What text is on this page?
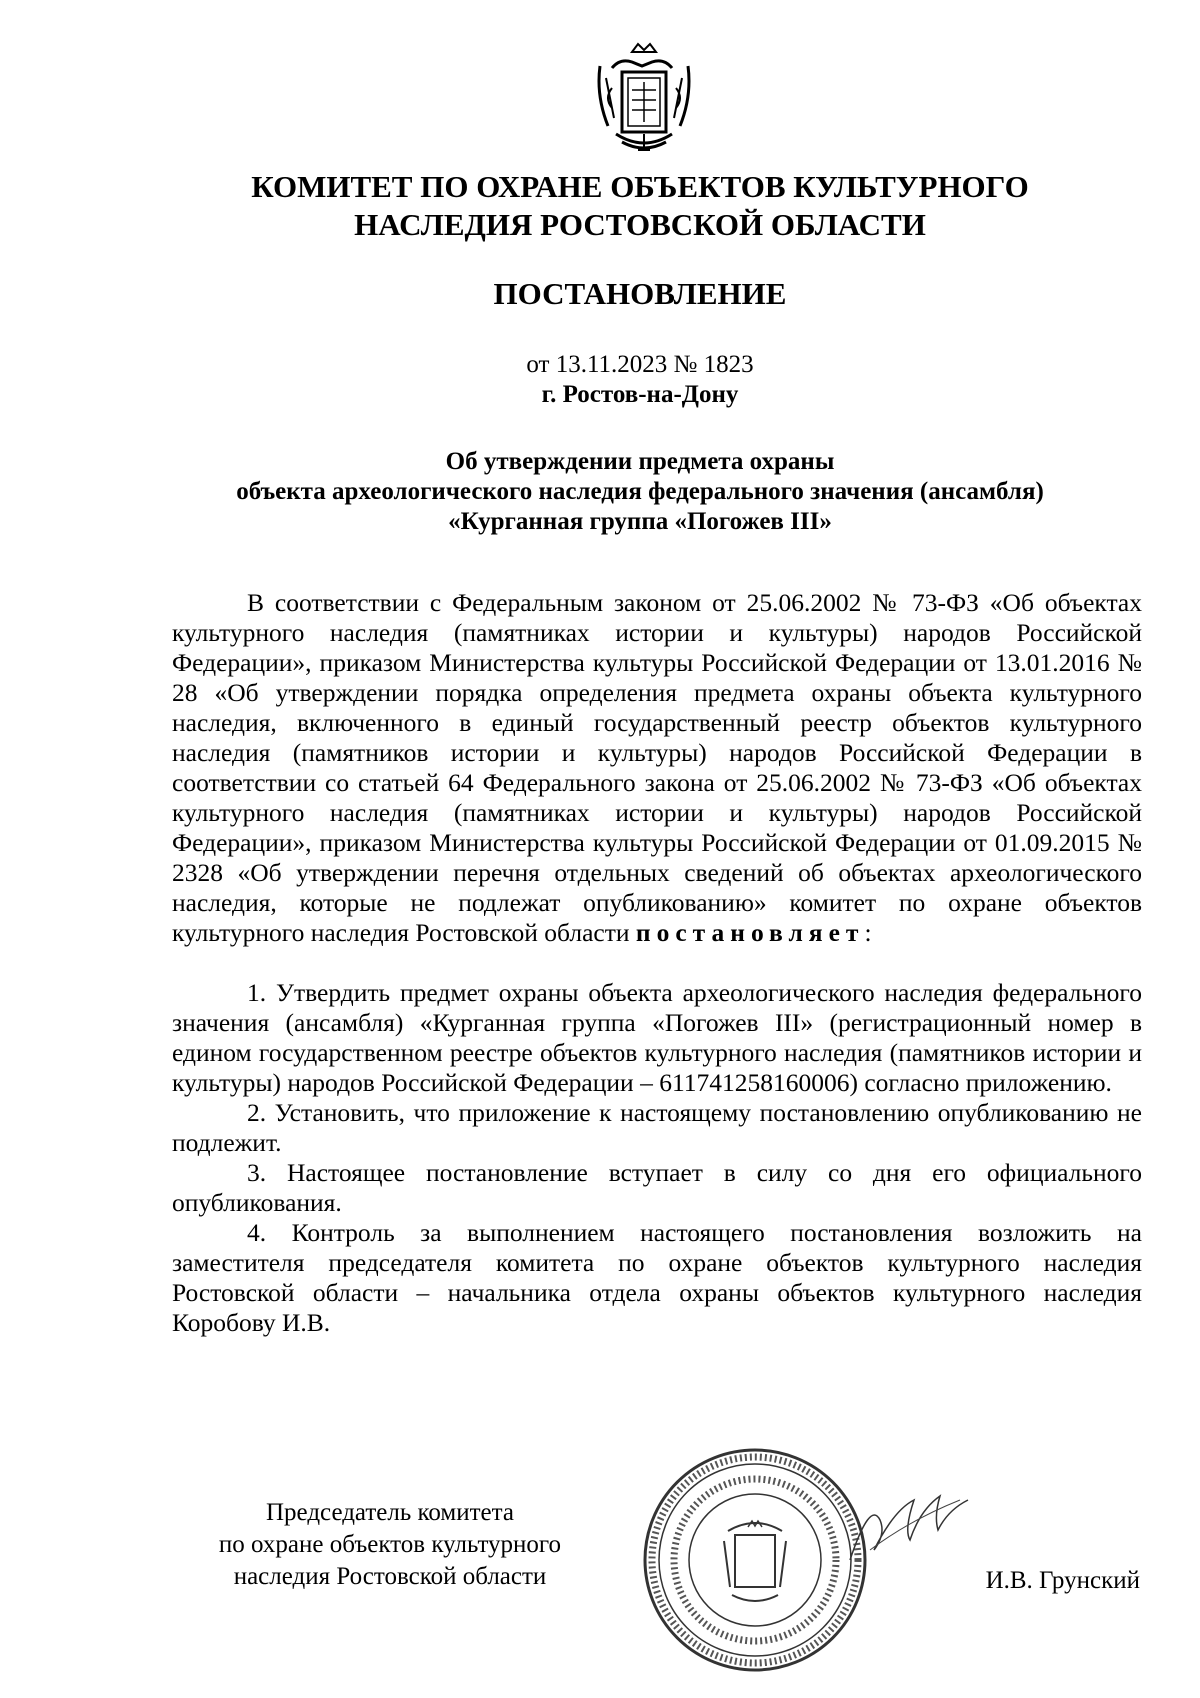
КОМИТЕТ ПО ОХРАНЕ ОБЪЕКТОВ КУЛЬТУРНОГО
НАСЛЕДИЯ РОСТОВСКОЙ ОБЛАСТИ
ПОСТАНОВЛЕНИЕ
от 13.11.2023 № 1823
г. Ростов-на-Дону
Об утверждении предмета охраны
объекта археологического наследия федерального значения (ансамбля)
«Курганная группа «Погожев III»

В соответствии с Федеральным законом от 25.06.2002 № 73-ФЗ «Об объектах культурного наследия (памятниках истории и культуры) народов Российской Федерации», приказом Министерства культуры Российской Федерации от 13.01.2016 № 28 «Об утверждении порядка определения предмета охраны объекта культурного наследия, включенного в единый государственный реестр объектов культурного наследия (памятников истории и культуры) народов Российской Федерации в соответствии со статьей 64 Федерального закона от 25.06.2002 № 73-ФЗ «Об объектах культурного наследия (памятниках истории и культуры) народов Российской Федерации», приказом Министерства культуры Российской Федерации от 01.09.2015 № 2328 «Об утверждении перечня отдельных сведений об объектах археологического наследия, которые не подлежат опубликованию» комитет по охране объектов культурного наследия Ростовской области постановляет:

1. Утвердить предмет охраны объекта археологического наследия федерального значения (ансамбля) «Курганная группа «Погожев III» (регистрационный номер в едином государственном реестре объектов культурного наследия (памятников истории и культуры) народов Российской Федерации – 611741258160006) согласно приложению.

2. Установить, что приложение к настоящему постановлению опубликованию не подлежит.

3. Настоящее постановление вступает в силу со дня его официального опубликования.

4. Контроль за выполнением настоящего постановления возложить на заместителя председателя комитета по охране объектов культурного наследия Ростовской области – начальника отдела охраны объектов культурного наследия Коробову И.В.

Председатель комитета
по охране объектов культурного
наследия Ростовской области	И.В. Грунский
